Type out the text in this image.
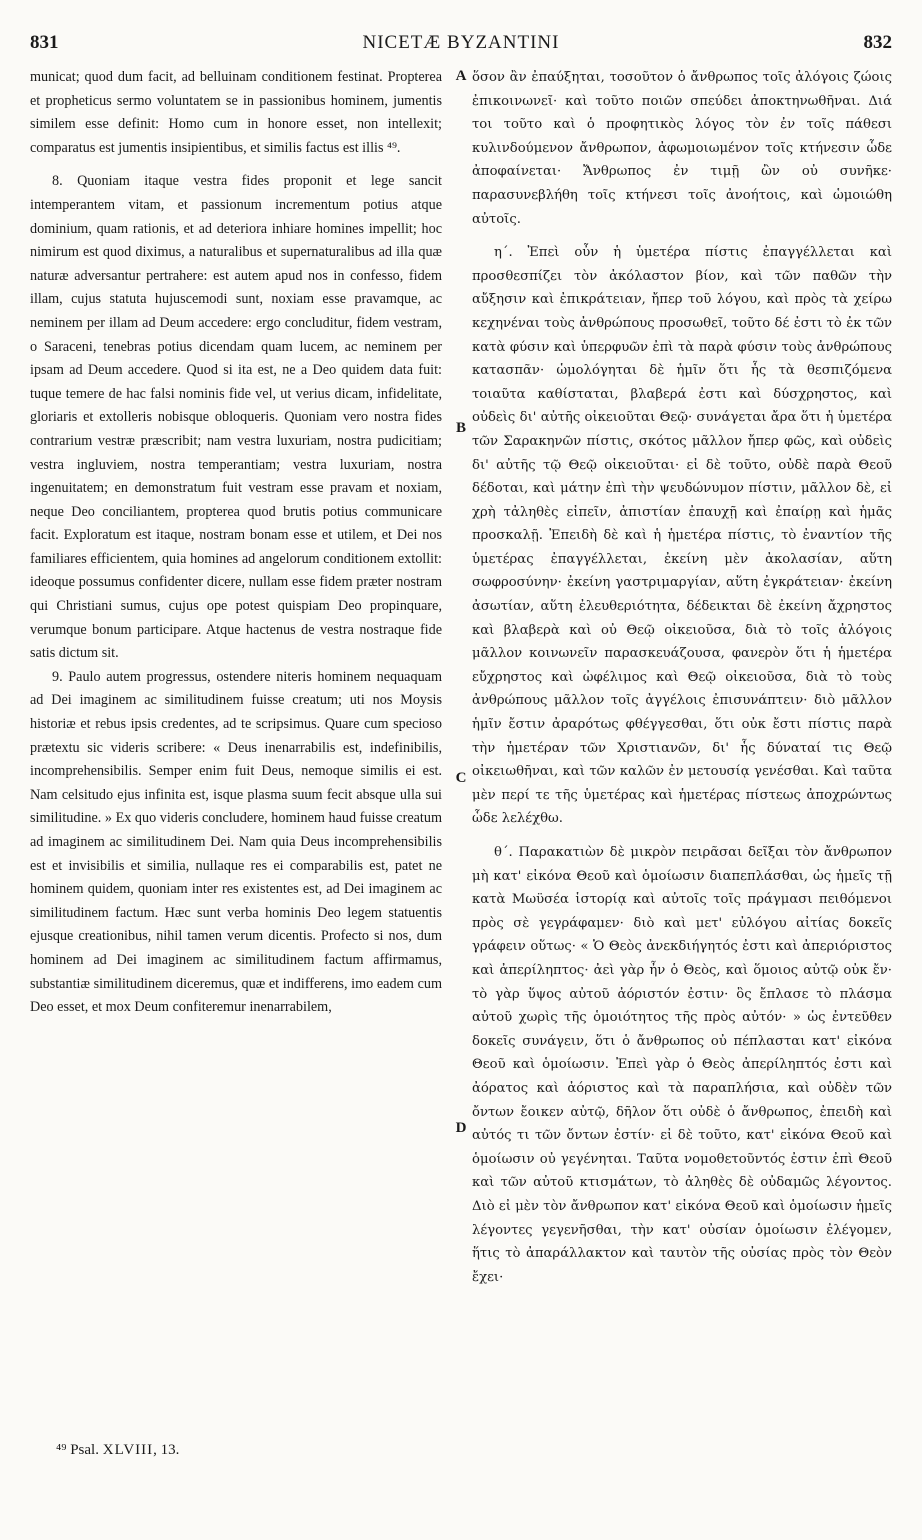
831	NICETÆ BYZANTINI	832

municat; quod dum facit, ad belluinam conditionem festinat. Propterea et propheticus sermo voluntatem se in passionibus hominem, jumentis similem esse definit: Homo cum in honore esset, non intellexit; comparatus est jumentis insipientibus, et similis factus est illis ⁴⁹.

8. Quoniam itaque vestra fides proponit et lege sancit intemperantem vitam, et passionum incrementum potius atque dominium, quam rationis, et ad deteriora inhiare homines impellit; hoc nimirum est quod diximus, a naturalibus et supernaturalibus ad illa quæ naturæ adversantur pertrahere: est autem apud nos in confesso, fidem illam, cujus statuta hujuscemodi sunt, noxiam esse pravamque, ac neminem per illam ad Deum accedere: ergo concluditur, fidem vestram, o Saraceni, tenebras potius dicendam quam lucem, ac neminem per ipsam ad Deum accedere. Quod si ita est, ne a Deo quidem data fuit: tuque temere de hac falsi nominis fide vel, ut verius dicam, infidelitate, gloriaris et extolleris nobisque obloqueris. Quoniam vero nostra fides contrarium vestræ præscribit; nam vestra luxuriam, nostra pudicitiam; vestra ingluviem, nostra temperantiam; vestra luxuriam, nostra ingenuitatem; en demonstratum fuit vestram esse pravam et noxiam, neque Deo conciliantem, propterea quod brutis potius communicare facit. Exploratum est itaque, nostram bonam esse et utilem, et Dei nos familiares efficientem, quia homines ad angelorum conditionem extollit: ideoque possumus confidenter dicere, nullam esse fidem præter nostram qui Christiani sumus, cujus ope potest quispiam Deo propinquare, verumque bonum participare. Atque hactenus de vestra nostraque fide satis dictum sit.

9. Paulo autem progressus, ostendere niteris hominem nequaquam ad Dei imaginem ac similitudinem fuisse creatum; uti nos Moysis historiæ et rebus ipsis credentes, ad te scripsimus. Quare cum specioso prætextu sic videris scribere: « Deus inenarrabilis est, indefinibilis, incomprehensibilis. Semper enim fuit Deus, nemoque similis ei est. Nam celsitudo ejus infinita est, isque plasma suum fecit absque ulla sui similitudine. » Ex quo videris concludere, hominem haud fuisse creatum ad imaginem ac similitudinem Dei. Nam quia Deus incomprehensibilis est et invisibilis et similia, nullaque res ei comparabilis est, patet ne hominem quidem, quoniam inter res existentes est, ad Dei imaginem ac similitudinem factum. Hæc sunt verba hominis Deo legem statuentis ejusque creationibus, nihil tamen verum dicentis. Profecto si nos, dum hominem ad Dei imaginem ac similitudinem factum affirmamus, substantiæ similitudinem diceremus, quæ et indifferens, imo eadem cum Deo esset, et mox Deum confiteremur inenarrabilem,

A
B
C
D

ὅσον ἂν ἐπαύξηται, τοσοῦτον ὁ ἄνθρωπος τοῖς ἀλόγοις ζώοις ἐπικοινωνεῖ· καὶ τοῦτο ποιῶν σπεύδει ἀποκτηνωθῆναι. Διά τοι τοῦτο καὶ ὁ προφητικὸς λόγος τὸν ἐν τοῖς πάθεσι κυλινδούμενον ἄνθρωπον, ἀφωμοιωμένον τοῖς κτήνεσιν ὧδε ἀποφαίνεται· Ἄνθρωπος ἐν τιμῇ ὢν οὐ συνῆκε· παρασυνεβλήθη τοῖς κτήνεσι τοῖς ἀνοήτοις, καὶ ὡμοιώθη αὐτοῖς.

η΄. Ἐπεὶ οὖν ἡ ὑμετέρα πίστις ἐπαγγέλλεται καὶ προσθεσπίζει τὸν ἀκόλαστον βίον, καὶ τῶν παθῶν τὴν αὔξησιν καὶ ἐπικράτειαν, ἤπερ τοῦ λόγου, καὶ πρὸς τὰ χείρω κεχηνέναι τοὺς ἀνθρώπους προσωθεῖ, τοῦτο δέ ἐστι τὸ ἐκ τῶν κατὰ φύσιν καὶ ὑπερφυῶν ἐπὶ τὰ παρὰ φύσιν τοὺς ἀνθρώπους κατασπᾶν· ὡμολόγηται δὲ ἡμῖν ὅτι ἧς τὰ θεσπιζόμενα τοιαῦτα καθίσταται, βλαβερά ἐστι καὶ δύσχρηστος, καὶ οὐδεὶς δι' αὐτῆς οἰκειοῦται Θεῷ· συνάγεται ἄρα ὅτι ἡ ὑμετέρα τῶν Σαρακηνῶν πίστις, σκότος μᾶλλον ἤπερ φῶς, καὶ οὐδεὶς δι' αὐτῆς τῷ Θεῷ οἰκειοῦται· εἰ δὲ τοῦτο, οὐδὲ παρὰ Θεοῦ δέδοται, καὶ μάτην ἐπὶ τὴν ψευδώνυμον πίστιν, μᾶλλον δὲ, εἰ χρὴ τἀληθὲς εἰπεῖν, ἀπιστίαν ἐπαυχῇ καὶ ἐπαίρῃ καὶ ἡμᾶς προσκαλῇ. Ἐπειδὴ δὲ καὶ ἡ ἡμετέρα πίστις, τὸ ἐναντίον τῆς ὑμετέρας ἐπαγγέλλεται, ἐκείνη μὲν ἀκολασίαν, αὕτη σωφροσύνην· ἐκείνη γαστριμαργίαν, αὕτη ἐγκράτειαν· ἐκείνη ἀσωτίαν, αὕτη ἐλευθεριότητα, δέδεικται δὲ ἐκείνη ἄχρηστος καὶ βλαβερὰ καὶ οὐ Θεῷ οἰκειοῦσα, διὰ τὸ τοῖς ἀλόγοις μᾶλλον κοινωνεῖν παρασκευάζουσα, φανερὸν ὅτι ἡ ἡμετέρα εὔχρηστος καὶ ὠφέλιμος καὶ Θεῷ οἰκειοῦσα, διὰ τὸ τοὺς ἀνθρώπους μᾶλλον τοῖς ἀγγέλοις ἐπισυνάπτειν· διὸ μᾶλλον ἡμῖν ἔστιν ἀραρότως φθέγγεσθαι, ὅτι οὐκ ἔστι πίστις παρὰ τὴν ἡμετέραν τῶν Χριστιανῶν, δι' ἧς δύναταί τις Θεῷ οἰκειωθῆναι, καὶ τῶν καλῶν ἐν μετουσίᾳ γενέσθαι. Καὶ ταῦτα μὲν περί τε τῆς ὑμετέρας καὶ ἡμετέρας πίστεως ἀποχρώντως ὧδε λελέχθω.

θ΄. Παρακατιὼν δὲ μικρὸν πειρᾶσαι δεῖξαι τὸν ἄνθρωπον μὴ κατ' εἰκόνα Θεοῦ καὶ ὁμοίωσιν διαπεπλάσθαι, ὡς ἡμεῖς τῇ κατὰ Μωϋσέα ἱστορίᾳ καὶ αὐτοῖς τοῖς πράγμασι πειθόμενοι πρὸς σὲ γεγράφαμεν· διὸ καὶ μετ' εὐλόγου αἰτίας δοκεῖς γράφειν οὕτως· « Ὁ Θεὸς ἀνεκδιήγητός ἐστι καὶ ἀπεριόριστος καὶ ἀπερίληπτος· ἀεὶ γὰρ ἦν ὁ Θεὸς, καὶ ὅμοιος αὐτῷ οὐκ ἔν· τὸ γὰρ ὕψος αὐτοῦ ἀόριστόν ἐστιν· ὃς ἔπλασε τὸ πλάσμα αὐτοῦ χωρὶς τῆς ὁμοιότητος τῆς πρὸς αὐτόν· » ὡς ἐντεῦθεν δοκεῖς συνάγειν, ὅτι ὁ ἄνθρωπος οὐ πέπλασται κατ' εἰκόνα Θεοῦ καὶ ὁμοίωσιν. Ἐπεὶ γὰρ ὁ Θεὸς ἀπερίληπτός ἐστι καὶ ἀόρατος καὶ ἀόριστος καὶ τὰ παραπλήσια, καὶ οὐδὲν τῶν ὄντων ἔοικεν αὐτῷ, δῆλον ὅτι οὐδὲ ὁ ἄνθρωπος, ἐπειδὴ καὶ αὐτός τι τῶν ὄντων ἐστίν· εἰ δὲ τοῦτο, κατ' εἰκόνα Θεοῦ καὶ ὁμοίωσιν οὐ γεγένηται. Ταῦτα νομοθετοῦντός ἐστιν ἐπὶ Θεοῦ καὶ τῶν αὐτοῦ κτισμάτων, τὸ ἀληθὲς δὲ οὐδαμῶς λέγοντος. Διὸ εἰ μὲν τὸν ἄνθρωπον κατ' εἰκόνα Θεοῦ καὶ ὁμοίωσιν ἡμεῖς λέγοντες γεγενῆσθαι, τὴν κατ' οὐσίαν ὁμοίωσιν ἐλέγομεν, ἥτις τὸ ἀπαράλλακτον καὶ ταυτὸν τῆς οὐσίας πρὸς τὸν Θεὸν ἔχει·

⁴⁹ Psal. XLVIII, 13.
